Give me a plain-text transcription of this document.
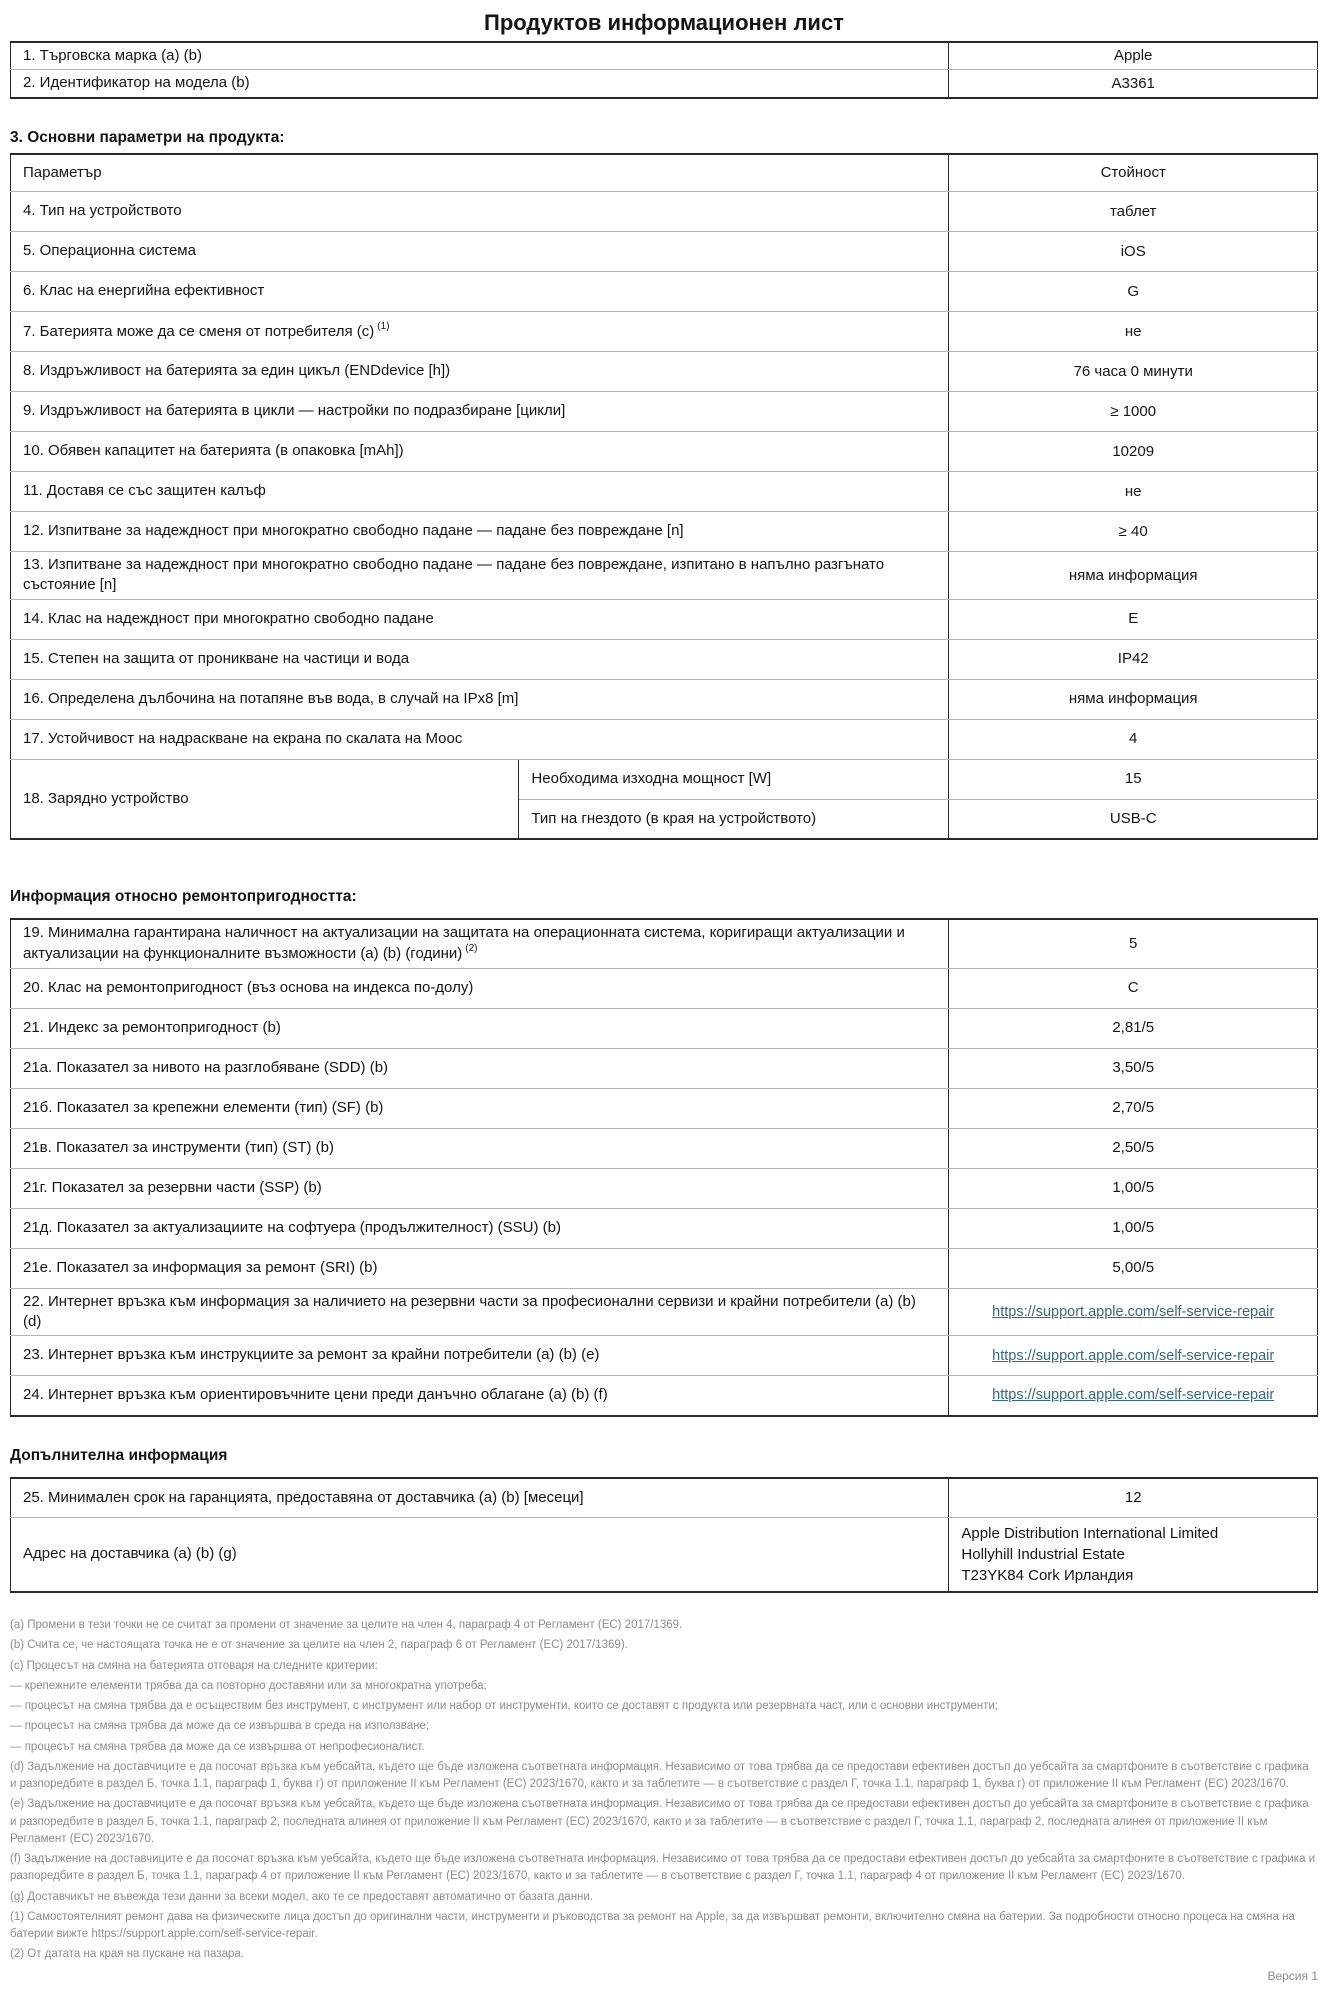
Продуктов информационен лист
1. Търговска марка (a) (b)	Apple
2. Идентификатор на модела (b)	A3361
3. Основни параметри на продукта:
Параметър		Стойност
4. Тип на устройството		таблет
5. Операционна система		iOS
6. Клас на енергийна ефективност		G
7. Батерията може да се сменя от потребителя (c) $^{(1)}$		не
8. Издръжливост на батерията за един цикъл (ENDdevice [h])		76 часа 0 минути
9. Издръжливост на батерията в цикли — настройки по подразбиране [цикли]		≥ 1000
10. Обявен капацитет на батерията (в опаковка [mAh])		10209
11. Доставя се със защитен калъф		не
12. Изпитване за надеждност при многократно свободно падане — падане без повреждане [n]		≥ 40
13. Изпитване за надеждност при многократно свободно падане — падане без повреждане, изпитано в напълно разгънато състояние [n]		няма информация
14. Клас на надеждност при многократно свободно падане		E
15. Степен на защита от проникване на частици и вода		IP42
16. Определена дълбочина на потапяне във вода, в случай на IPx8 [m]		няма информация
17. Устойчивост на надраскване на екрана по скалата на Моос		4
18. Зарядно устройство	Необходима изходна мощност [W]	15
	Тип на гнездото (в края на устройството)	USB-C
Информация относно ремонтопригодността:
19. Минимална гарантирана наличност на актуализации на защитата на операционната система, коригиращи актуализации и актуализации на функционалните възможности (a) (b) (години) $^{(2)}$	5
20. Клас на ремонтопригодност (въз основа на индекса по-долу)	C
21. Индекс за ремонтопригодност (b)	2,81/5
21а. Показател за нивото на разглобяване (SDD) (b)	3,50/5
21б. Показател за крепежни елементи (тип) (SF) (b)	2,70/5
21в. Показател за инструменти (тип) (ST) (b)	2,50/5
21г. Показател за резервни части (SSP) (b)	1,00/5
21д. Показател за актуализациите на софтуера (продължителност) (SSU) (b)	1,00/5
21е. Показател за информация за ремонт (SRI) (b)	5,00/5
22. Интернет връзка към информация за наличието на резервни части за професионални сервизи и крайни потребители (a) (b) (d)	https://support.apple.com/self-service-repair
23. Интернет връзка към инструкциите за ремонт за крайни потребители (a) (b) (e)	https://support.apple.com/self-service-repair
24. Интернет връзка към ориентировъчните цени преди данъчно облагане (a) (b) (f)	https://support.apple.com/self-service-repair
Допълнителна информация
25. Минимален срок на гаранцията, предоставяна от доставчика (a) (b) [месеци]	12
Адрес на доставчика (a) (b) (g)	Apple Distribution International Limited
Hollyhill Industrial Estate
T23YK84 Cork Ирландия

(a) Промени в тези точки не се считат за промени от значение за целите на член 4, параграф 4 от Регламент (ЕС) 2017/1369.

(b) Счита се, че настоящата точка не е от значение за целите на член 2, параграф 6 от Регламент (ЕС) 2017/1369).

(c) Процесът на смяна на батерията отговаря на следните критерии:

— крепежните елементи трябва да са повторно доставяни или за многократна употреба;

— процесът на смяна трябва да е осъществим без инструмент, с инструмент или набор от инструменти, които се доставят с продукта или резервната част, или с основни инструменти;

— процесът на смяна трябва да може да се извършва в среда на използване;

— процесът на смяна трябва да може да се извършва от непрофесионалист.

(d) Задължение на доставчиците е да посочат връзка към уебсайта, където ще бъде изложена съответната информация. Независимо от това трябва да се предостави ефективен достъп до уебсайта за смартфоните в съответствие с графика и разпоредбите в раздел Б, точка 1.1, параграф 1, буква г) от приложение II към Регламент (ЕС) 2023/1670, както и за таблетите — в съответствие с раздел Г, точка 1.1, параграф 1, буква г) от приложение II към Регламент (ЕС) 2023/1670.

(e) Задължение на доставчиците е да посочат връзка към уебсайта, където ще бъде изложена съответната информация. Независимо от това трябва да се предостави ефективен достъп до уебсайта за смартфоните в съответствие с графика и разпоредбите в раздел Б, точка 1.1, параграф 2, последната алинея от приложение II към Регламент (ЕС) 2023/1670, както и за таблетите — в съответствие с раздел Г, точка 1.1, параграф 2, последната алинея от приложение II към Регламент (ЕС) 2023/1670.

(f) Задължение на доставчиците е да посочат връзка към уебсайта, където ще бъде изложена съответната информация. Независимо от това трябва да се предостави ефективен достъп до уебсайта за смартфоните в съответствие с графика и разпоредбите в раздел Б, точка 1.1, параграф 4 от приложение II към Регламент (ЕС) 2023/1670, както и за таблетите — в съответствие с раздел Г, точка 1.1, параграф 4 от приложение II към Регламент (ЕС) 2023/1670.

(g) Доставчикът не въвежда тези данни за всеки модел, ако те се предоставят автоматично от базата данни.

(1) Самостоятелният ремонт дава на физическите лица достъп до оригинални части, инструменти и ръководства за ремонт на Apple, за да извършват ремонти, включително смяна на батерии. За подробности относно процеса на смяна на батерии вижте https://support.apple.com/self-service-repair.

(2) От датата на края на пускане на пазара.

Версия 1
